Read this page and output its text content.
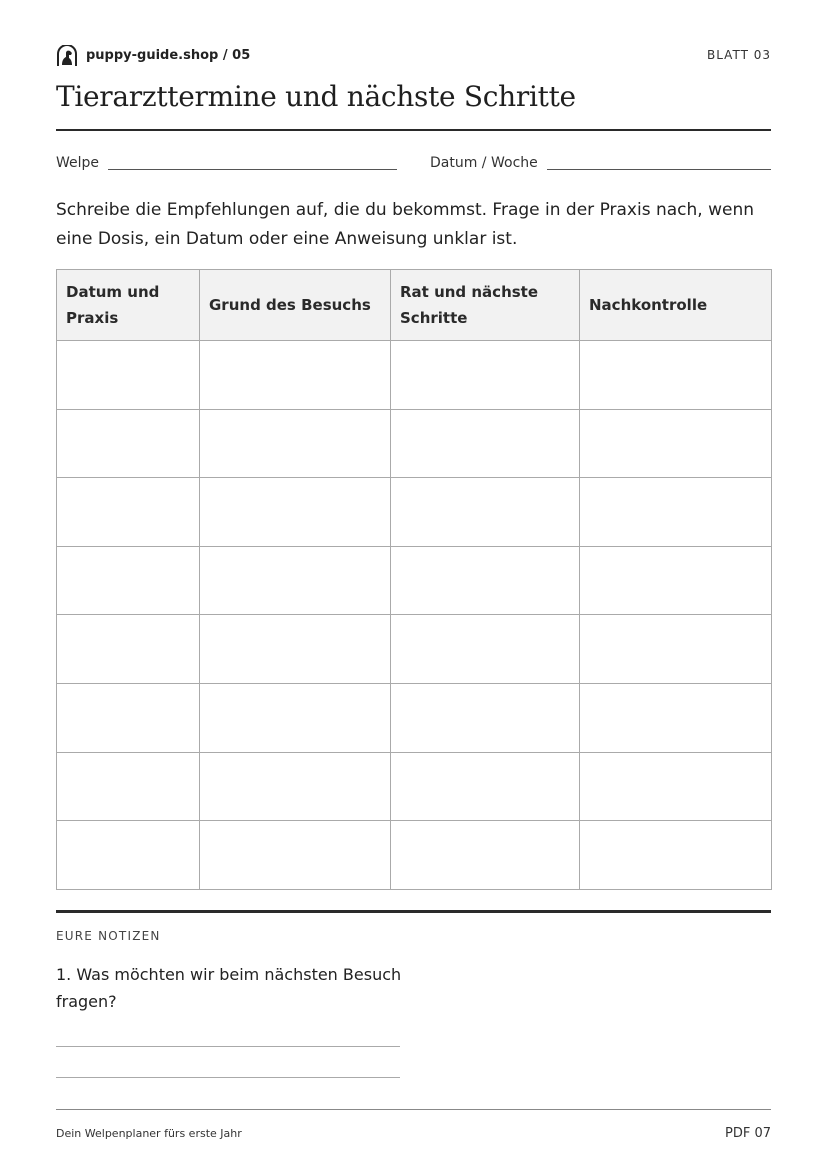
puppy-guide.shop / 05	BLATT 03
Tierarzttermine und nächste Schritte
Welpe	Datum / Woche

Schreibe die Empfehlungen auf, die du bekommst. Frage in der Praxis nach, wenn eine Dosis, ein Datum oder eine Anweisung unklar ist.

Datum und Praxis	Grund des Besuchs	Rat und nächste Schritte	Nachkontrolle

EURE NOTIZEN

1. Was möchten wir beim nächsten Besuch fragen?

Dein Welpenplaner fürs erste Jahr	PDF 07
